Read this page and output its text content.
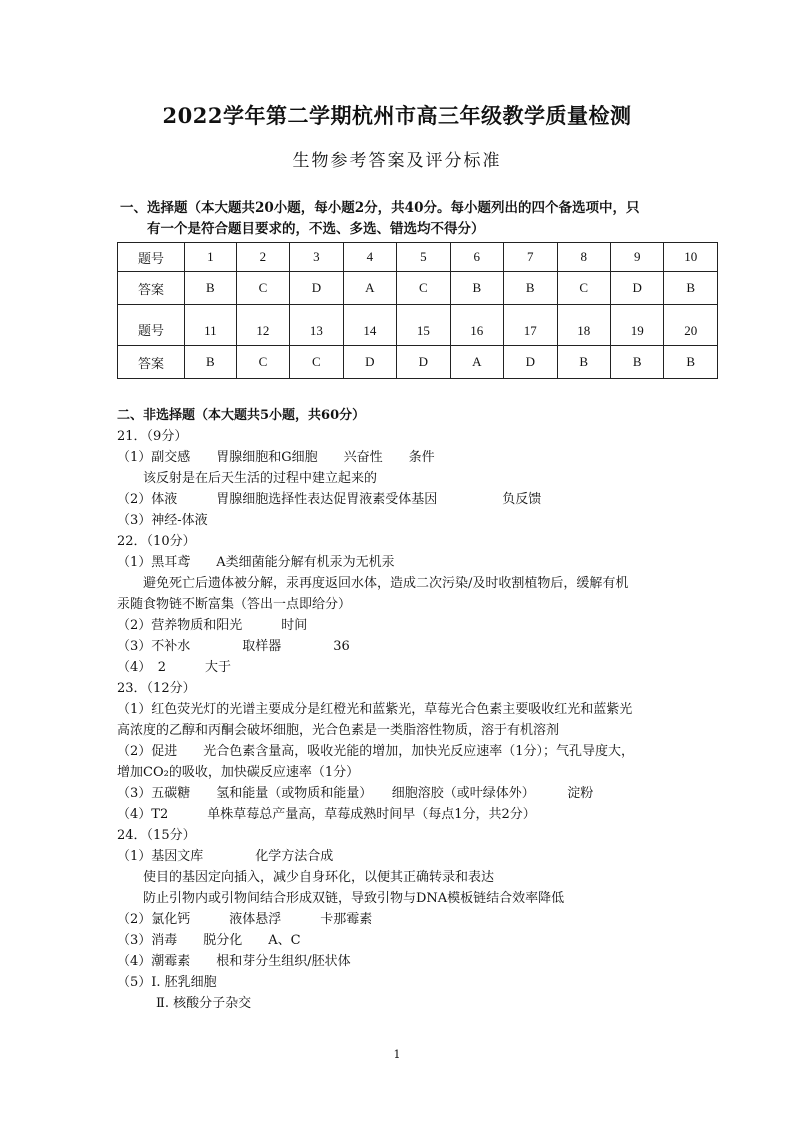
2022学年第二学期杭州市高三年级教学质量检测
生物参考答案及评分标准
一、选择题（本大题共20小题，每小题2分，共40分。每小题列出的四个备选项中，只
有一个是符合题目要求的，不选、多选、错选均不得分）
题号	1	2	3	4	5	6	7	8	9	10
答案	B	C	D	A	C	B	B	C	D	B
题号	11	12	13	14	15	16	17	18	19	20
答案	B	C	C	D	D	A	D	B	B	B
二、非选择题（本大题共5小题，共60分）
21．（9分）
（1）副交感　　胃腺细胞和G细胞　　兴奋性　　条件
　　该反射是在后天生活的过程中建立起来的
（2）体液　　　胃腺细胞选择性表达促胃液素受体基因　　　　　负反馈
（3）神经-体液
22．（10分）
（1）黑耳鸢　　A类细菌能分解有机汞为无机汞
　　避免死亡后遗体被分解，汞再度返回水体，造成二次污染/及时收割植物后，缓解有机
汞随食物链不断富集（答出一点即给分）
（2）营养物质和阳光　　　时间
（3）不补水　　　　取样器　　　　36
（4）　2　　　大于
23．（12分）
（1）红色荧光灯的光谱主要成分是红橙光和蓝紫光，草莓光合色素主要吸收红光和蓝紫光
高浓度的乙醇和丙酮会破坏细胞，光合色素是一类脂溶性物质，溶于有机溶剂
（2）促进　　光合色素含量高，吸收光能的增加，加快光反应速率（1分）；气孔导度大，
增加CO₂的吸收，加快碳反应速率（1分）
（3）五碳糖　　氢和能量（或物质和能量）　　细胞溶胶（或叶绿体外）　　　淀粉
（4）T2　　　单株草莓总产量高，草莓成熟时间早（每点1分，共2分）
24．（15分）
（1）基因文库　　　　化学方法合成
　　使目的基因定向插入，减少自身环化，以便其正确转录和表达
　　防止引物内或引物间结合形成双链，导致引物与DNA模板链结合效率降低
（2）氯化钙　　　液体悬浮　　　卡那霉素
（3）消毒　　脱分化　　A、C
（4）潮霉素　　根和芽分生组织/胚状体
（5）Ⅰ. 胚乳细胞
　　　Ⅱ. 核酸分子杂交
1
